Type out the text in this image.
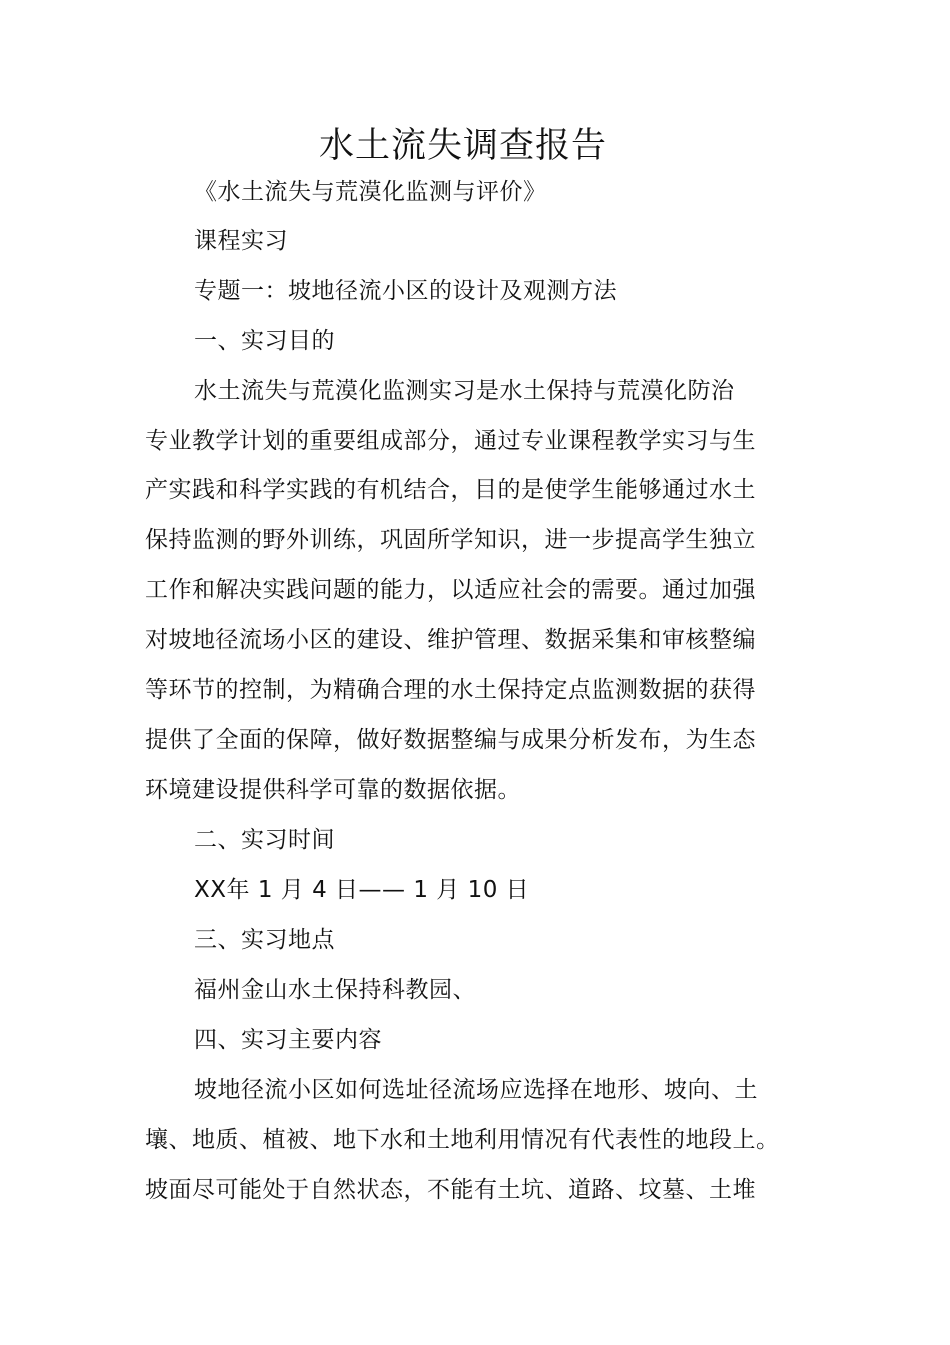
水土流失调查报告
《水土流失与荒漠化监测与评价》
课程实习
专题一：坡地径流小区的设计及观测方法
一、实习目的
水土流失与荒漠化监测实习是水土保持与荒漠化防治
专业教学计划的重要组成部分，通过专业课程教学实习与生
产实践和科学实践的有机结合，目的是使学生能够通过水土
保持监测的野外训练，巩固所学知识，进一步提高学生独立
工作和解决实践问题的能力，以适应社会的需要。通过加强
对坡地径流场小区的建设、维护管理、数据采集和审核整编
等环节的控制，为精确合理的水土保持定点监测数据的获得
提供了全面的保障，做好数据整编与成果分析发布，为生态
环境建设提供科学可靠的数据依据。
二、实习时间
XX年 1 月 4 日—— 1 月 10 日
三、实习地点
福州金山水土保持科教园、
四、实习主要内容
坡地径流小区如何选址径流场应选择在地形、坡向、土
壤、地质、植被、地下水和土地利用情况有代表性的地段上。
坡面尽可能处于自然状态，不能有土坑、道路、坟墓、土堆
